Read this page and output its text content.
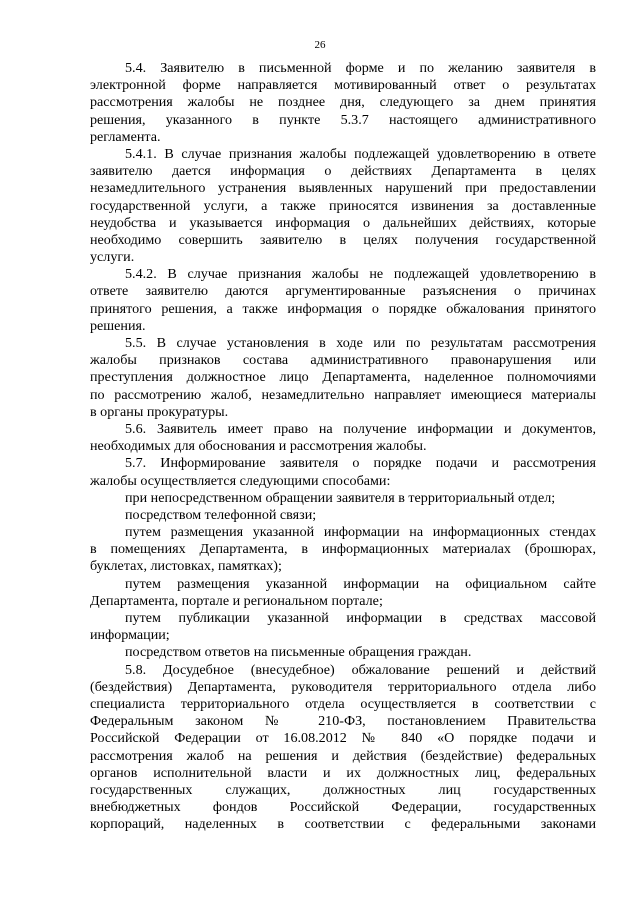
26
5.4. Заявителю в письменной форме и по желанию заявителя в
электронной форме направляется мотивированный ответ о результатах
рассмотрения жалобы не позднее дня, следующего за днем принятия
решения, указанного в пункте 5.3.7 настоящего административного
регламента.
5.4.1. В случае признания жалобы подлежащей удовлетворению в ответе
заявителю дается информация о действиях Департамента в целях
незамедлительного устранения выявленных нарушений при предоставлении
государственной услуги, а также приносятся извинения за доставленные
неудобства и указывается информация о дальнейших действиях, которые
необходимо совершить заявителю в целях получения государственной
услуги.
5.4.2. В случае признания жалобы не подлежащей удовлетворению в
ответе заявителю даются аргументированные разъяснения о причинах
принятого решения, а также информация о порядке обжалования принятого
решения.
5.5. В случае установления в ходе или по результатам рассмотрения
жалобы признаков состава административного правонарушения или
преступления должностное лицо Департамента, наделенное полномочиями
по рассмотрению жалоб, незамедлительно направляет имеющиеся материалы
в органы прокуратуры.
5.6. Заявитель имеет право на получение информации и документов,
необходимых для обоснования и рассмотрения жалобы.
5.7. Информирование заявителя о порядке подачи и рассмотрения
жалобы осуществляется следующими способами:
при непосредственном обращении заявителя в территориальный отдел;
посредством телефонной связи;
путем размещения указанной информации на информационных стендах
в помещениях Департамента, в информационных материалах (брошюрах,
буклетах, листовках, памятках);
путем размещения указанной информации на официальном сайте
Департамента, портале и региональном портале;
путем публикации указанной информации в средствах массовой
информации;
посредством ответов на письменные обращения граждан.
5.8. Досудебное (внесудебное) обжалование решений и действий
(бездействия) Департамента, руководителя территориального отдела либо
специалиста территориального отдела осуществляется в соответствии с
Федеральным законом № 210-ФЗ, постановлением Правительства
Российской Федерации от 16.08.2012 № 840 «О порядке подачи и
рассмотрения жалоб на решения и действия (бездействие) федеральных
органов исполнительной власти и их должностных лиц, федеральных
государственных служащих, должностных лиц государственных
внебюджетных фондов Российской Федерации, государственных
корпораций, наделенных в соответствии с федеральными законами
